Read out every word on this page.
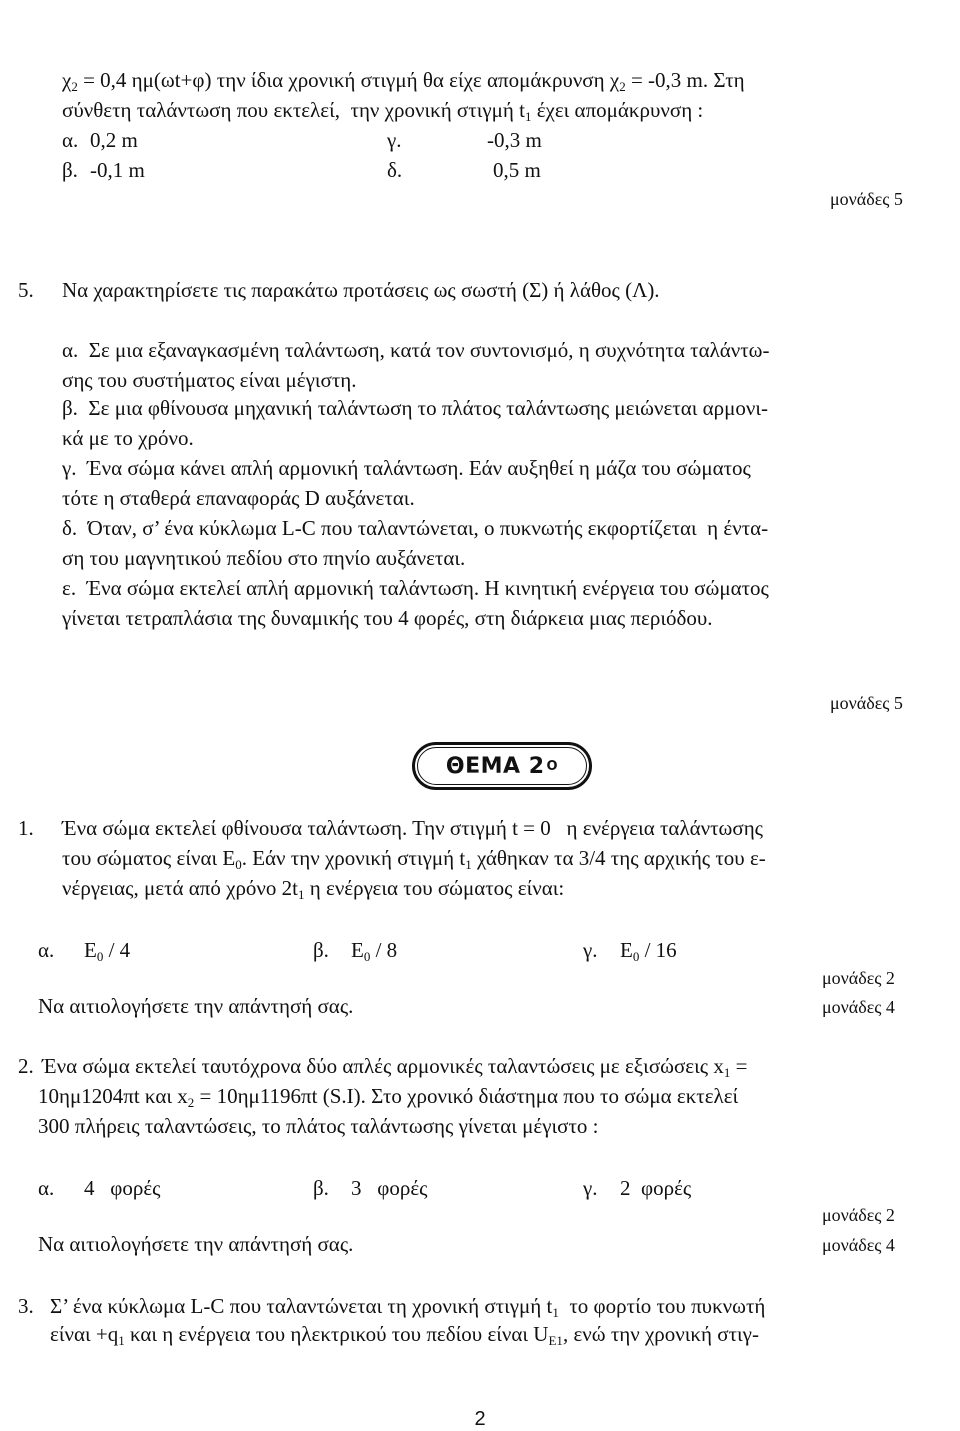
$\chi_2 = 0,4$ ημ(ωt+φ) την ίδια χρονική στιγμή θα είχε απομάκρυνση $\chi_2 = -0,3$ m. Στη
σύνθετη ταλάντωση που εκτελεί,  την χρονική στιγμή $t_1$ έχει απομάκρυνση :
α. 0,2 m	γ.	-0,3 m
β. -0,1 m	δ.	0,5 m
μονάδες 5
5. Να χαρακτηρίσετε τις παρακάτω προτάσεις ως σωστή (Σ) ή λάθος (Λ).
α.  Σε μια εξαναγκασμένη ταλάντωση, κατά τον συντονισμό, η συχνότητα ταλάντω-
σης του συστήματος είναι μέγιστη.
β.  Σε μια φθίνουσα μηχανική ταλάντωση το πλάτος ταλάντωσης μειώνεται αρμονι-
κά με το χρόνο.
γ.  Ένα σώμα κάνει απλή αρμονική ταλάντωση. Εάν αυξηθεί η μάζα του σώματος
τότε η σταθερά επαναφοράς D αυξάνεται.
δ.  Όταν, σ’ ένα κύκλωμα L-C που ταλαντώνεται, ο πυκνωτής εκφορτίζεται  η έντα-
ση του μαγνητικού πεδίου στο πηνίο αυξάνεται.
ε.  Ένα σώμα εκτελεί απλή αρμονική ταλάντωση. Η κινητική ενέργεια του σώματος
γίνεται τετραπλάσια της δυναμικής του 4 φορές, στη διάρκεια μιας περιόδου.
μονάδες 5
ΘΕΜΑ 2 Ο
1. Ένα σώμα εκτελεί φθίνουσα ταλάντωση. Την στιγμή t = 0   η ενέργεια ταλάντωσης
του σώματος είναι $E_0$. Εάν την χρονική στιγμή $t_1$ χάθηκαν τα 3/4 της αρχικής του ε-
νέργειας, μετά από χρόνο $2t_1$ η ενέργεια του σώματος είναι:
α. $E_0 / 4$	β. $E_0 / 8$	γ. $E_0 / 16$
μονάδες 2
Να αιτιολογήσετε την απάντησή σας.	μονάδες 4
2. Ένα σώμα εκτελεί ταυτόχρονα δύο απλές αρμονικές ταλαντώσεις με εξισώσεις $x_1$ =
10ημ1204πt και $x_2 = 10\eta\mu 1196\pi t$ (S.I). Στο χρονικό διάστημα που το σώμα εκτελεί
300 πλήρεις ταλαντώσεις, το πλάτος ταλάντωσης γίνεται μέγιστο :
α. 4   φορές	β. 3   φορές	γ. 2  φορές
μονάδες 2
Να αιτιολογήσετε την απάντησή σας.	μονάδες 4
3. Σ’ ένα κύκλωμα L-C που ταλαντώνεται τη χρονική στιγμή $t_1$  το φορτίο του πυκνωτή
$\varepsilon ί\nu\alpha\iota +q_1$ και η ενέργεια του ηλεκτρικού του πεδίου είναι $U_{E1}$, ενώ την χρονική στιγ-
2
